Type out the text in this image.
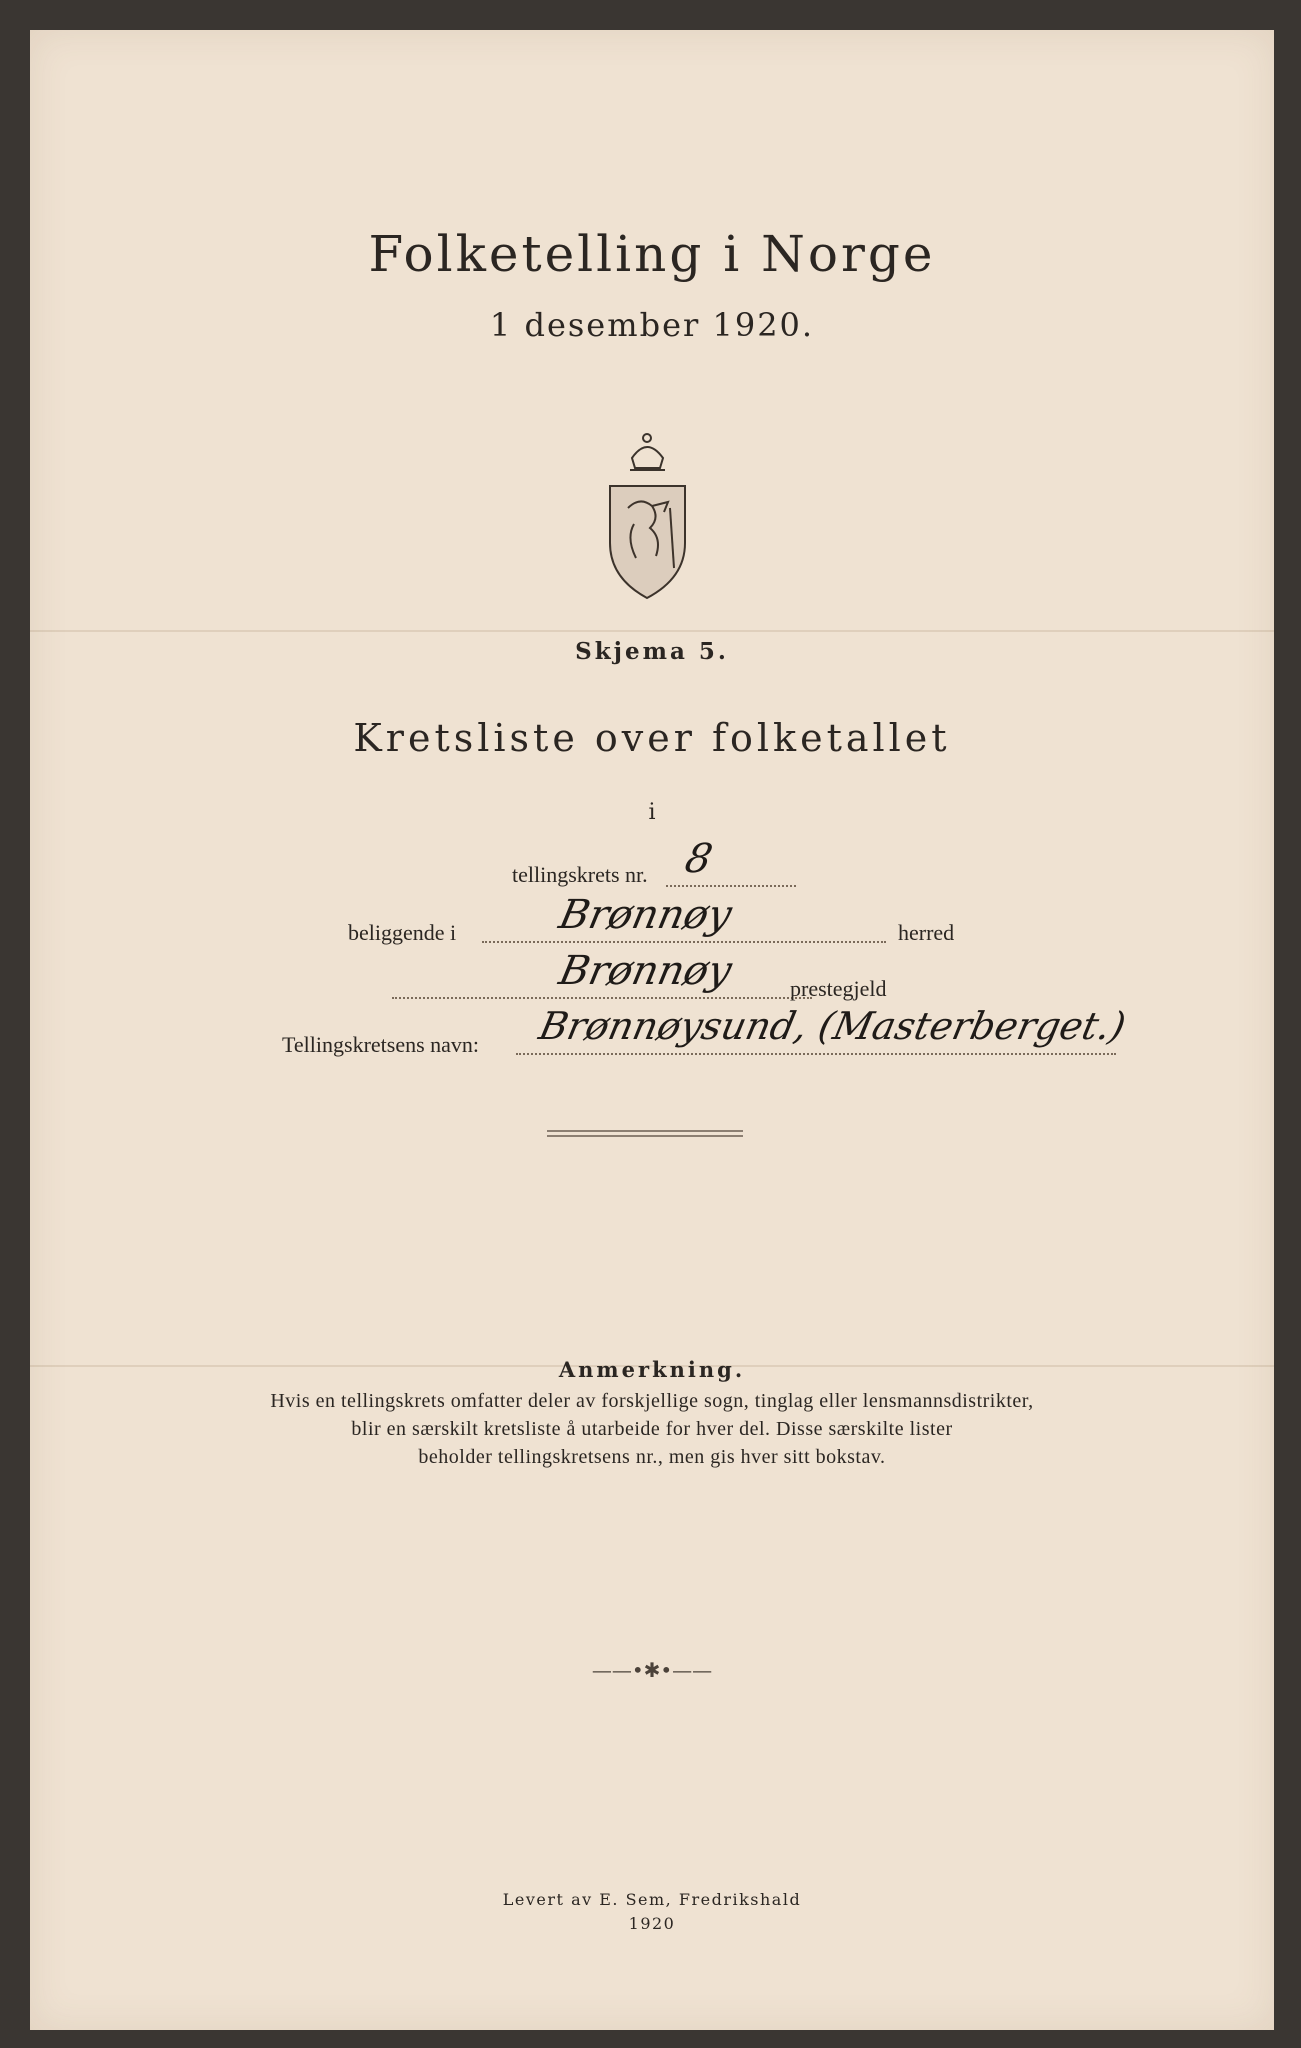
Folketelling i Norge
1 desember 1920.
Skjema 5.
Kretsliste over folketallet
i
tellingskrets nr. 8
beliggende i Brønnøy	herred
Brønnøy prestegjeld
Tellingskretsens navn: Brønnøysund, (Masterberget.)
Anmerkning.
Hvis en tellingskrets omfatter deler av forskjellige sogn, tinglag eller lensmannsdistrikter,
blir en særskilt kretsliste å utarbeide for hver del. Disse særskilte lister
beholder tellingskretsens nr., men gis hver sitt bokstav.
——•✱•——
Levert av E. Sem, Fredrikshald
1920
